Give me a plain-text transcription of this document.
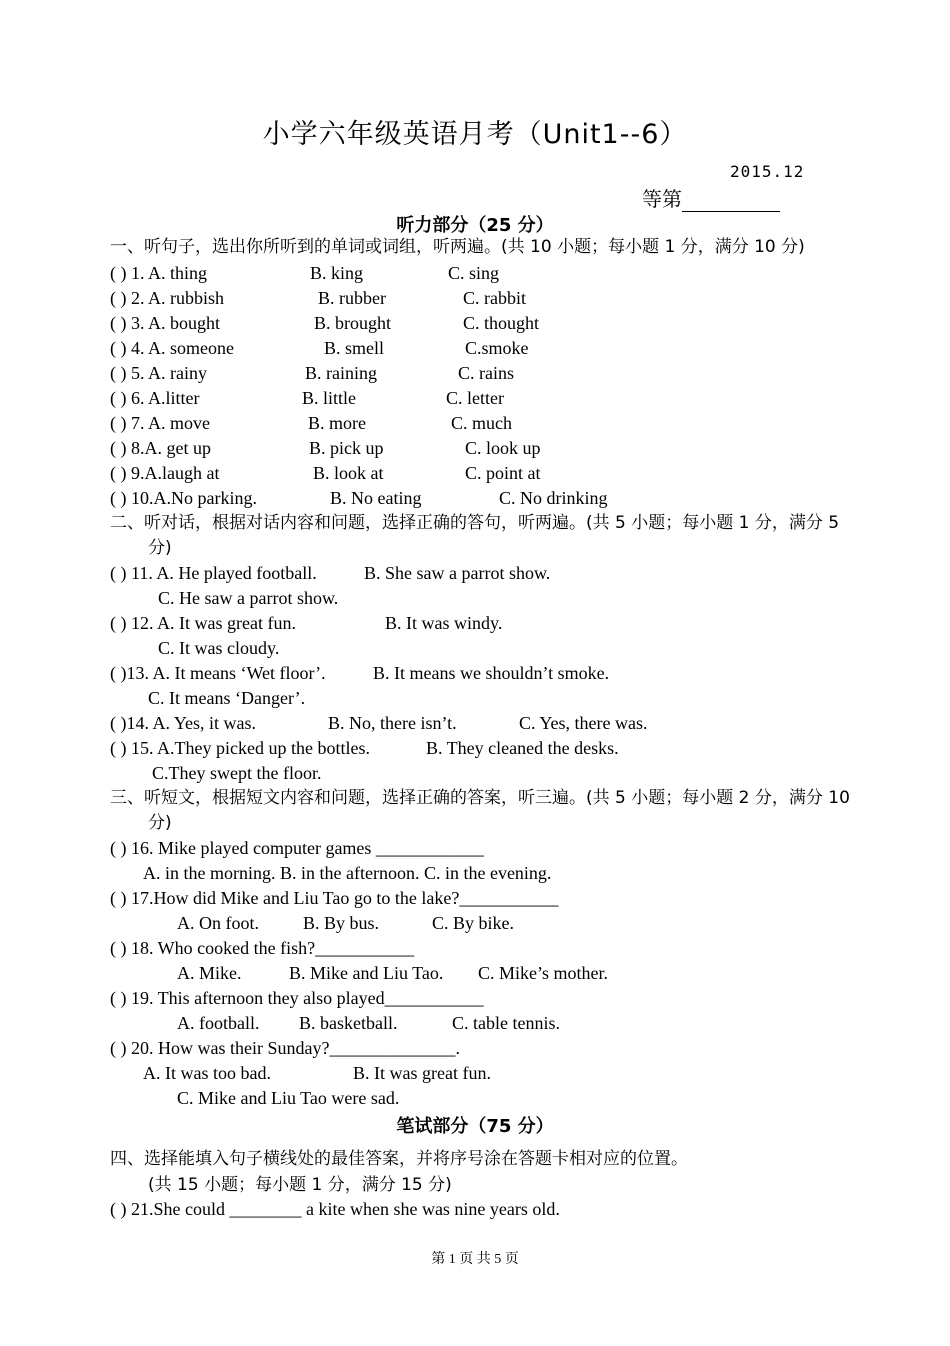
小学六年级英语月考（Unit1--6）
2015.12
等第
听力部分（25 分）
一、听句子，选出你所听到的单词或词组，听两遍。(共 10 小题；每小题 1 分，满分 10 分)
( ) 1. A. thing	B. king	C. sing
( ) 2. A. rubbish	B. rubber	C. rabbit
( ) 3. A. bought	B. brought	C. thought
( ) 4. A. someone	B. smell	C.smoke
( ) 5. A. rainy	B. raining	C. rains
( ) 6. A.litter	B. little	C. letter
( ) 7. A. move	B. more	C. much
( ) 8.A. get up	B. pick up	C. look up
( ) 9.A.laugh at	B. look at	C. point at
( ) 10.A.No parking.	B. No eating	C. No drinking
二、听对话，根据对话内容和问题，选择正确的答句，听两遍。(共 5 小题；每小题 1 分，满分 5
分)
( ) 11. A. He played football.	B. She saw a parrot show.
C. He saw a parrot show.
( ) 12. A. It was great fun.	B. It was windy.
C. It was cloudy.
( )13. A. It means ‘Wet floor’.	B. It means we shouldn’t smoke.
C. It means ‘Danger’.
( )14. A. Yes, it was.	B. No, there isn’t.	C. Yes, there was.
( ) 15. A.They picked up the bottles.	B. They cleaned the desks.
C.They swept the floor.
三、听短文，根据短文内容和问题，选择正确的答案，听三遍。(共 5 小题；每小题 2 分，满分 10
分)
( ) 16. Mike played computer games ____________
A. in the morning. B. in the afternoon. C. in the evening.
( ) 17.How did Mike and Liu Tao go to the lake?___________
A. On foot. B. By bus.	C. By bike.
( ) 18. Who cooked the fish?___________
A. Mike.	B. Mike and Liu Tao. C. Mike’s mother.
( ) 19. This afternoon they also played___________
A. football. B. basketball.	C. table tennis.
( ) 20. How was their Sunday?______________.
A. It was too bad.	B. It was great fun.
C. Mike and Liu Tao were sad.
笔试部分（75 分）
四、选择能填入句子横线处的最佳答案，并将序号涂在答题卡相对应的位置。
(共 15 小题；每小题 1 分，满分 15 分)
( ) 21.She could ________ a kite when she was nine years old.
第 1 页 共 5 页
